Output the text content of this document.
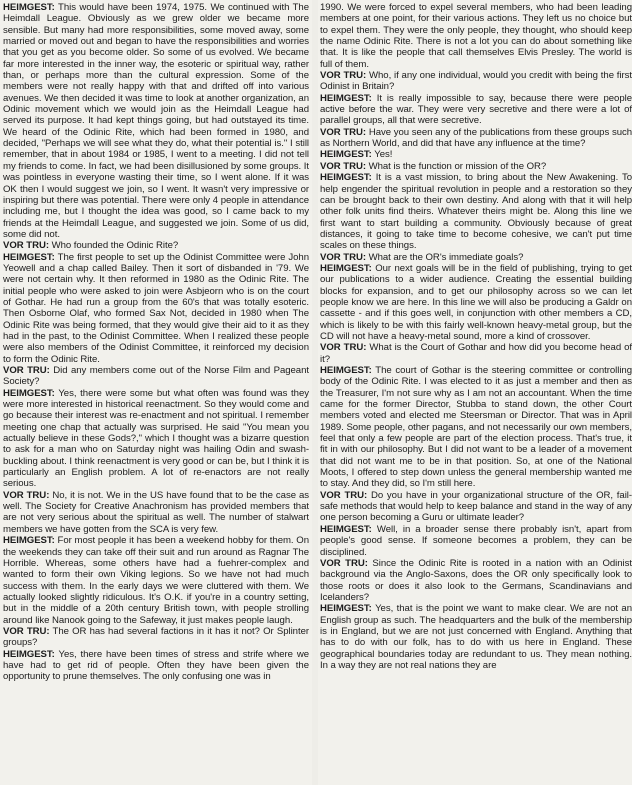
HEIMGEST: This would have been 1974, 1975. We continued with The Heimdall League. Obviously as we grew older we became more sensible. But many had more responsibilities, some moved away, some married or moved out and began to have the responsibilities and worries that you get as you become older. So some of us evolved. We became far more interested in the inner way, the esoteric or spiritual way, rather than, or perhaps more than the cultural expression. Some of the members were not really happy with that and drifted off into various avenues. We then decided it was time to look at another organization, an Odinic movement which we would join as the Heimdall League had served its purpose. It had kept things going, but had outstayed its time. We heard of the Odinic Rite, which had been formed in 1980, and decided, "Perhaps we will see what they do, what their potential is." I still remember, that in about 1984 or 1985, I went to a meeting. I did not tell my friends to come. In fact, we had been disillusioned by some groups. It was pointless in everyone wasting their time, so I went alone. If it was OK then I would suggest we join, so I went. It wasn't very impressive or inspiring but there was potential. There were only 4 people in attendance including me, but I thought the idea was good, so I came back to my friends at the Heimdall League, and suggested we join. Some of us did, some did not.

VOR TRU: Who founded the Odinic Rite?

HEIMGEST: The first people to set up the Odinist Committee were John Yeowell and a chap called Bailey. Then it sort of disbanded in '79. We were not certain why. It then reformed in 1980 as the Odinic Rite. The initial people who were asked to join were Asbjeorn who is on the court of Gothar. He had run a group from the 60's that was totally esoteric. Then Osborne Olaf, who formed Sax Not, decided in 1980 when The Odinic Rite was being formed, that they would give their aid to it as they had in the past, to the Odinist Committee. When I realized these people were also members of the Odinist Committee, it reinforced my decision to form the Odinic Rite.

VOR TRU: Did any members come out of the Norse Film and Pageant Society?

HEIMGEST: Yes, there were some but what often was found was they were more interested in historical reenactment. So they would come and go because their interest was re-enactment and not spiritual. I remember meeting one chap that actually was surprised. He said "You mean you actually believe in these Gods?," which I thought was a bizarre question to ask for a man who on Saturday night was hailing Odin and swash-buckling about. I think reenactment is very good or can be, but I think it is particularly an English problem. A lot of re-enactors are not really serious.

VOR TRU: No, it is not. We in the US have found that to be the case as well. The Society for Creative Anachronism has provided members that are not very serious about the spiritual as well. The number of stalwart members we have gotten from the SCA is very few.

HEIMGEST: For most people it has been a weekend hobby for them. On the weekends they can take off their suit and run around as Ragnar The Horrible. Whereas, some others have had a fuehrer-complex and wanted to form their own Viking legions. So we have not had much success with them. In the early days we were cluttered with them. We actually looked slightly ridiculous. It's O.K. if you're in a country setting, but in the middle of a 20th century British town, with people strolling around like Nanook going to the Safeway, it just makes people laugh.

VOR TRU: The OR has had several factions in it has it not? Or Splinter groups?

HEIMGEST: Yes, there have been times of stress and strife where we have had to get rid of people. Often they have been given the opportunity to prune themselves. The only confusing one was in

1990. We were forced to expel several members, who had been leading members at one point, for their various actions. They left us no choice but to expel them. They were the only people, they thought, who should keep the name Odinic Rite. There is not a lot you can do about something like that. It is like the people that call themselves Elvis Presley. The world is full of them.

VOR TRU: Who, if any one individual, would you credit with being the first Odinist in Britain?

HEIMGEST: It is really impossible to say, because there were people active before the war. They were very secretive and there were a lot of parallel groups, all that were secretive.

VOR TRU: Have you seen any of the publications from these groups such as Northern World, and did that have any influence at the time?

HEIMGEST: Yes!

VOR TRU: What is the function or mission of the OR?

HEIMGEST: It is a vast mission, to bring about the New Awakening. To help engender the spiritual revolution in people and a restoration so they can be brought back to their own destiny. And along with that it will help other folk units find theirs. Whatever theirs might be. Along this line we first want to start building a community. Obviously because of great distances, it going to take time to become cohesive, we can't put time scales on these things.

VOR TRU: What are the OR's immediate goals?

HEIMGEST: Our next goals will be in the field of publishing, trying to get our publications to a wider audience. Creating the essential building blocks for expansion, and to get our philosophy across so we can let people know we are here. In this line we will also be producing a Galdr on cassette - and if this goes well, in conjunction with other members a CD, which is likely to be with this fairly well-known heavy-metal group, but the CD will not have a heavy-metal sound, more a kind of crossover.

VOR TRU: What is the Court of Gothar and how did you become head of it?

HEIMGEST: The court of Gothar is the steering committee or controlling body of the Odinic Rite. I was elected to it as just a member and then as the Treasurer, I'm not sure why as I am not an accountant. When the time came for the former Director, Stubba to stand down, the other Court members voted and elected me Steersman or Director. That was in April 1989. Some people, other pagans, and not necessarily our own members, feel that only a few people are part of the election process. That's true, it fit in with our philosophy. But I did not want to be a leader of a movement that did not want me to be in that position. So, at one of the National Moots, I offered to step down unless the general membership wanted me to stay. And they did, so I'm still here.

VOR TRU: Do you have in your organizational structure of the OR, fail-safe methods that would help to keep balance and stand in the way of any one person becoming a Guru or ultimate leader?

HEIMGEST: Well, in a broader sense there probably isn't, apart from people's good sense. If someone becomes a problem, they can be disciplined.

VOR TRU: Since the Odinic Rite is rooted in a nation with an Odinist background via the Anglo-Saxons, does the OR only specifically look to those roots or does it also look to the Germans, Scandinavians and Icelanders?

HEIMGEST: Yes, that is the point we want to make clear. We are not an English group as such. The headquarters and the bulk of the membership is in England, but we are not just concerned with England. Anything that has to do with our folk, has to do with us here in England. These geographical boundaries today are redundant to us. They mean nothing. In a way they are not real nations they are
